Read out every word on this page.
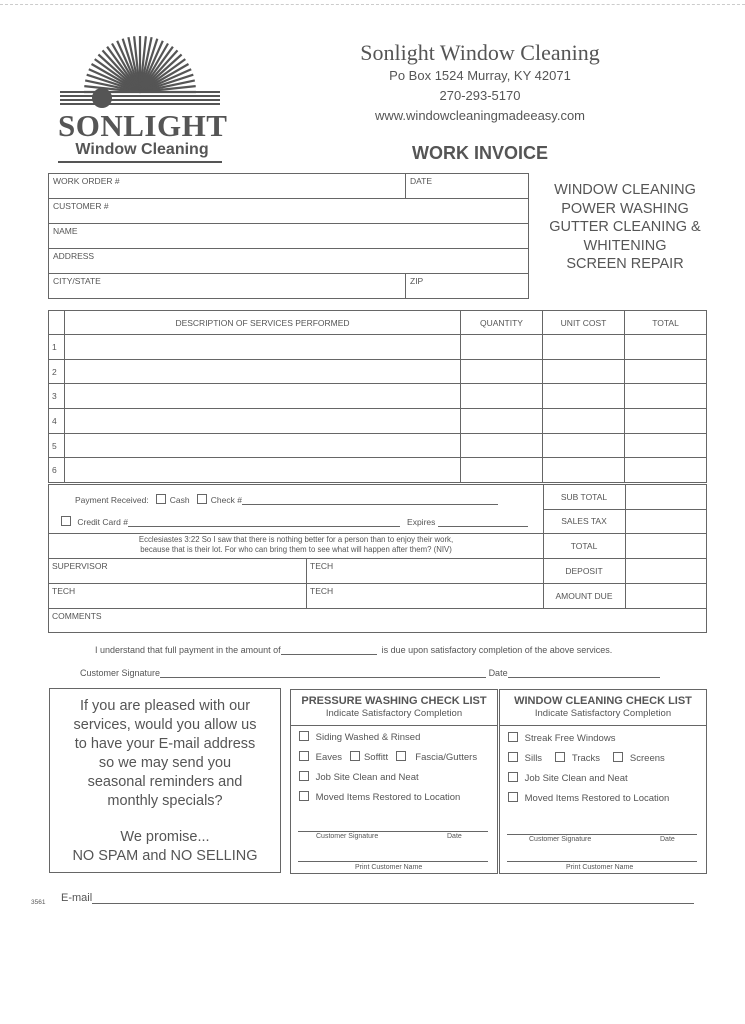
SONLIGHT
Window Cleaning
Sonlight Window Cleaning
Po Box 1524 Murray, KY 42071
270-293-5170
www.windowcleaningmadeeasy.com
WORK INVOICE
WINDOW CLEANING
POWER WASHING
GUTTER CLEANING &
WHITENING
SCREEN REPAIR
WORK ORDER #	DATE
CUSTOMER #	
NAME	
ADDRESS	
CITY/STATE	ZIP
	DESCRIPTION OF SERVICES PERFORMED	QUANTITY	UNIT COST	TOTAL
1				
2				
3				
4				
5				
6				
Payment Received: Cash Check #
Credit Card #	Expires
Ecclesiastes 3:22 So I saw that there is nothing better for a person than to enjoy their work,
because that is their lot. For who can bring them to see what will happen after them? (NIV)
SUB TOTAL
SALES TAX
TOTAL
DEPOSIT
AMOUNT DUE
SUPERVISOR	TECH
TECH	TECH
COMMENTS
I understand that full payment in the amount of	is due upon satisfactory completion of the above services.
Customer Signature	Date
If you are pleased with our
services, would you allow us
to have your E-mail address
so we may send you
seasonal reminders and
monthly specials?
We promise...
NO SPAM and NO SELLING
PRESSURE WASHING CHECK LIST
Indicate Satisfactory Completion
Siding Washed & Rinsed
Eaves Soffitt	Fascia/Gutters
Job Site Clean and Neat
Moved Items Restored to Location
Customer Signature	Date
Print Customer Name
WINDOW CLEANING CHECK LIST
Indicate Satisfactory Completion
Streak Free Windows
Sills	Tracks	Screens
Job Site Clean and Neat
Moved Items Restored to Location
Customer Signature	Date
Print Customer Name
3561 E-mail
